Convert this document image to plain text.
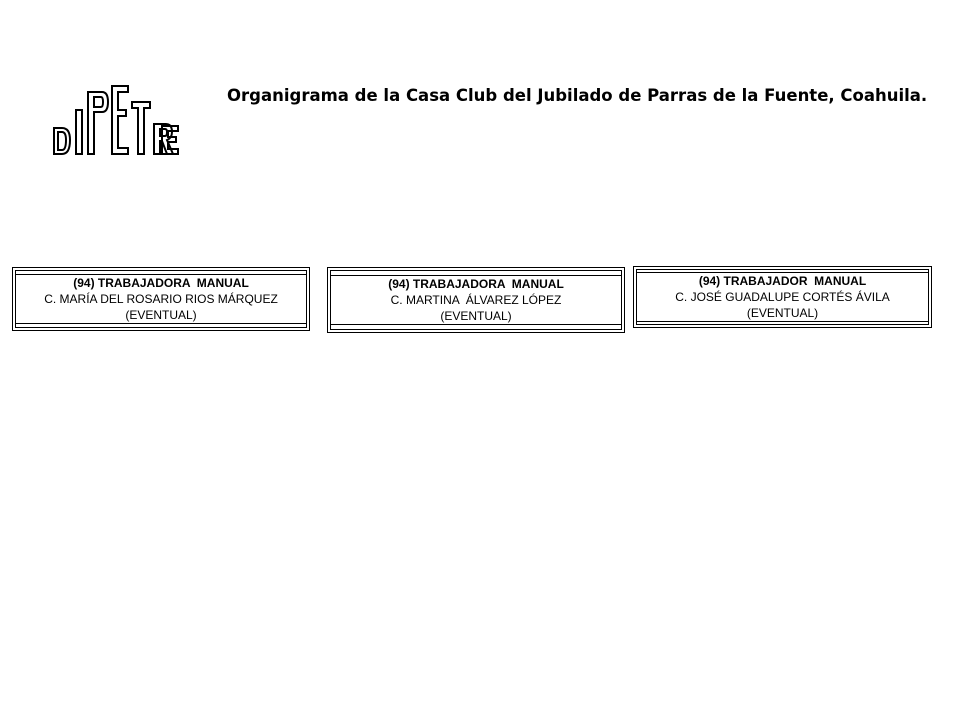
Organigrama de la Casa Club del Jubilado de Parras de la Fuente, Coahuila.
(94) TRABAJADORA  MANUAL
C. MARÍA DEL ROSARIO RIOS MÁRQUEZ
(EVENTUAL)
(94) TRABAJADORA  MANUAL
C. MARTINA  ÁLVAREZ LÓPEZ
(EVENTUAL)
(94) TRABAJADOR  MANUAL
C. JOSÉ GUADALUPE CORTÉS ÁVILA
(EVENTUAL)
